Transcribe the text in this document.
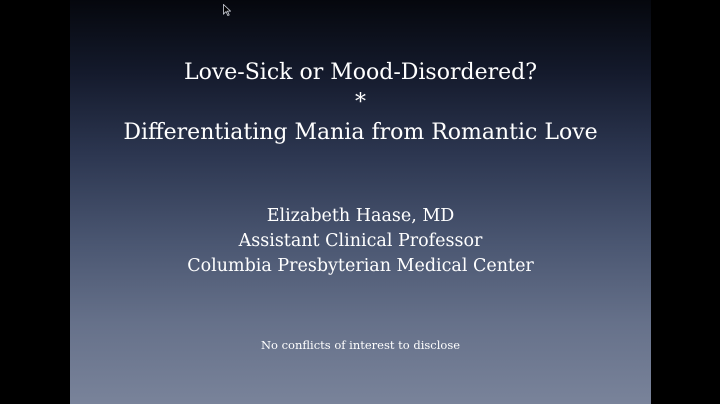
Love-Sick or Mood-Disordered?
*
Differentiating Mania from Romantic Love
Elizabeth Haase, MD
Assistant Clinical Professor
Columbia Presbyterian Medical Center
No conflicts of interest to disclose
